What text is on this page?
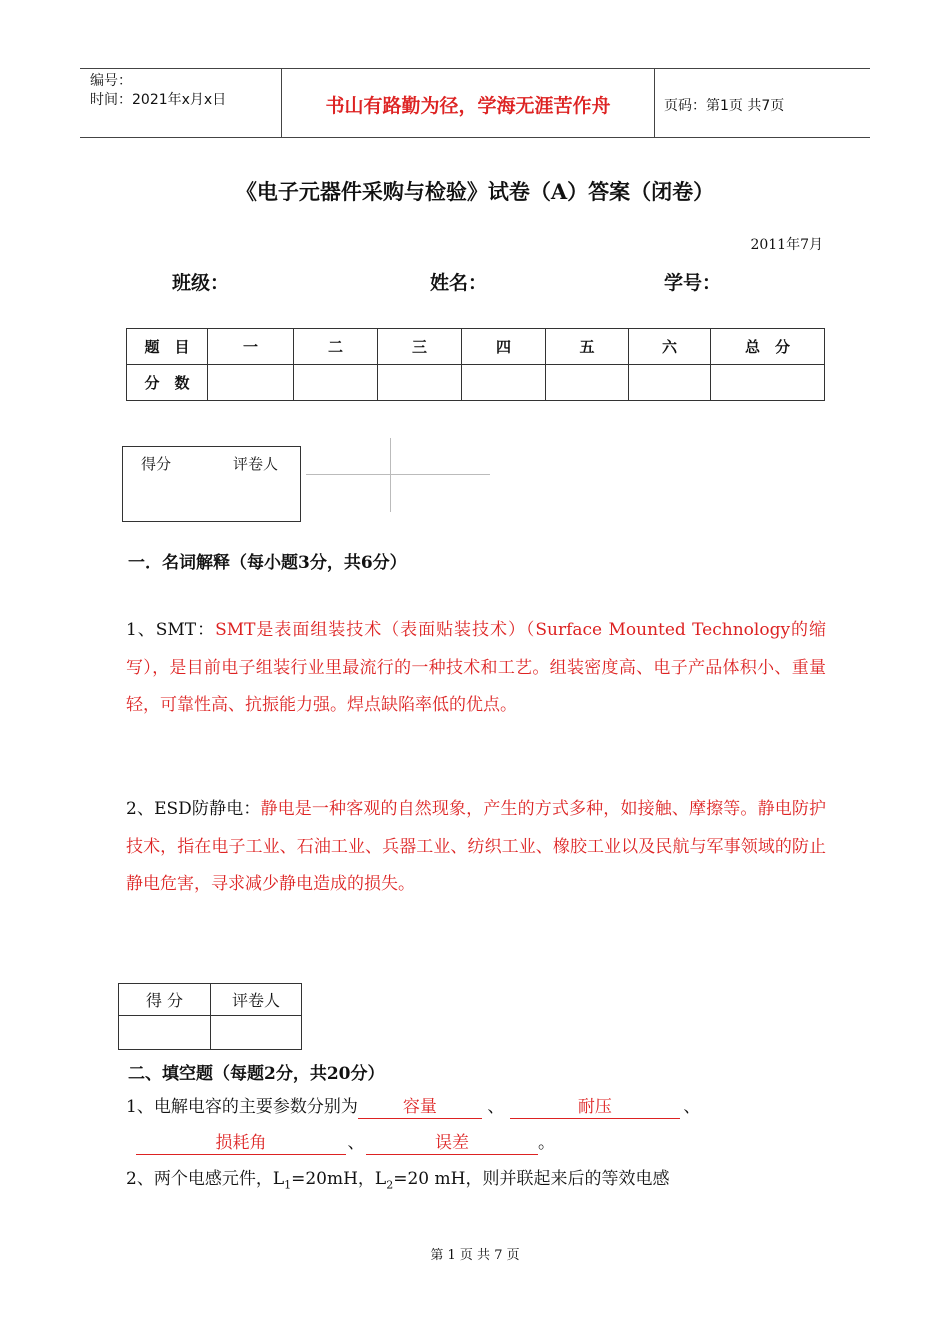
编号：
时间：2021年x月x日	书山有路勤为径，学海无涯苦作舟	页码：第1页 共7页
《电子元器件采购与检验》试卷（A）答案（闭卷）
2011年7月
班级：	姓名：	学号：
题　目	一	二	三	四	五	六	总　分
分　数							
得分	评卷人
一．名词解释（每小题3分，共6分）
1、SMT：SMT是表面组装技术（表面贴装技术）（Surface Mounted Technology的缩写），是目前电子组装行业里最流行的一种技术和工艺。组装密度高、电子产品体积小、重量轻，可靠性高、抗振能力强。焊点缺陷率低的优点。
2、ESD防静电：静电是一种客观的自然现象，产生的方式多种，如接触、摩擦等。静电防护技术，指在电子工业、石油工业、兵器工业、纺织工业、橡胶工业以及民航与军事领域的防止静电危害，寻求减少静电造成的损失。
得 分	评卷人

二、填空题（每题2分，共20分）
1、电解电容的主要参数分别为	容量	、	耐压	、
损耗角	、	误差	。
2、两个电感元件，$L_1=20mH$，$L_2=20$ mH，则并联起来后的等效电感
第 1 页 共 7 页
